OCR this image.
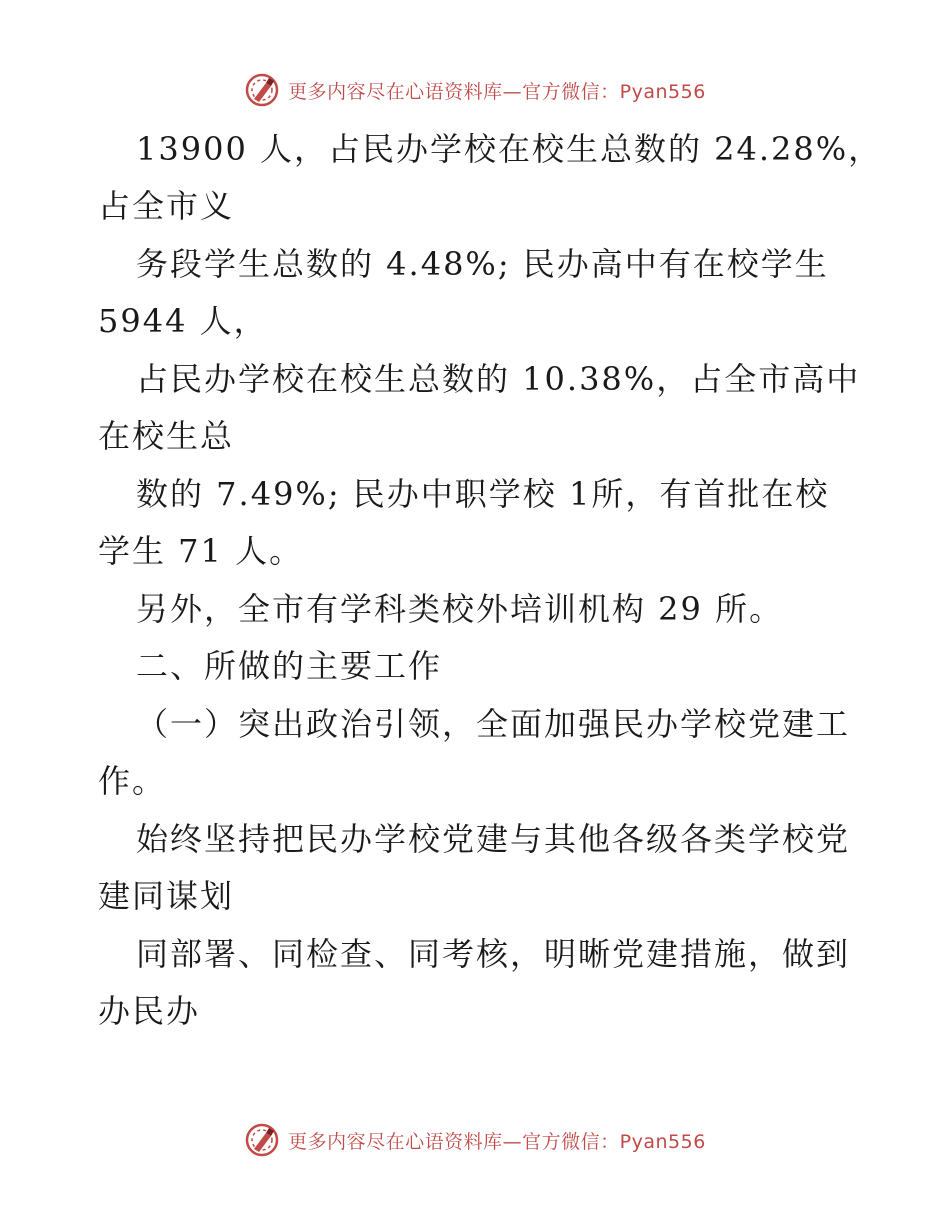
更多内容尽在心语资料库—官方微信：Pyan556
13900 人，占民办学校在校生总数的 24.28%，
占全市义
务段学生总数的 4.48%; 民办高中有在校学生
5944 人，
占民办学校在校生总数的 10.38%，占全市高中
在校生总
数的 7.49%; 民办中职学校 1所，有首批在校
学生 71 人。
另外，全市有学科类校外培训机构 29 所。
二、所做的主要工作
（一）突出政治引领，全面加强民办学校党建工
作。
始终坚持把民办学校党建与其他各级各类学校党
建同谋划
同部署、同检查、同考核，明晰党建措施，做到
办民办
更多内容尽在心语资料库—官方微信：Pyan556
